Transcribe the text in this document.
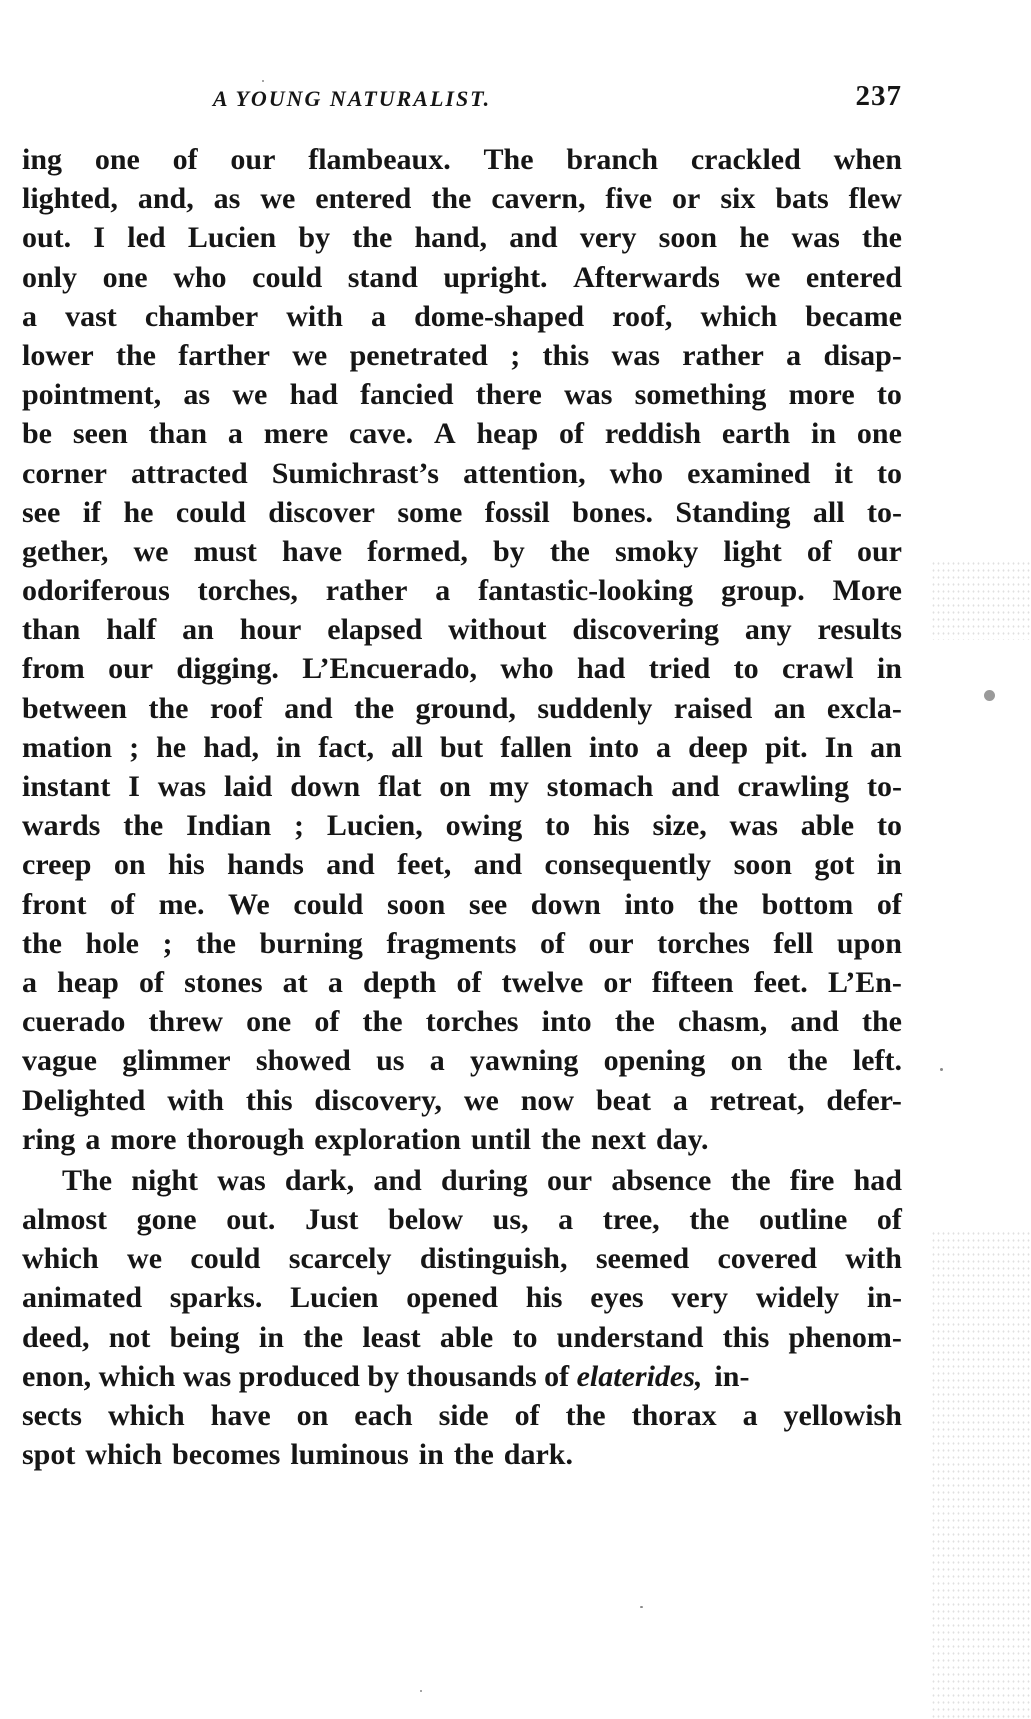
A YOUNG NATURALIST.	237
ing one of our flambeaux. The branch crackled when
lighted, and, as we entered the cavern, five or six bats flew
out. I led Lucien by the hand, and very soon he was the
only one who could stand upright. Afterwards we entered
a vast chamber with a dome-shaped roof, which became
lower the farther we penetrated ; this was rather a disap-
pointment, as we had fancied there was something more to
be seen than a mere cave. A heap of reddish earth in one
corner attracted Sumichrast’s attention, who examined it to
see if he could discover some fossil bones. Standing all to-
gether, we must have formed, by the smoky light of our
odoriferous torches, rather a fantastic-looking group. More
than half an hour elapsed without discovering any results
from our digging. L’Encuerado, who had tried to crawl in
between the roof and the ground, suddenly raised an excla-
mation ; he had, in fact, all but fallen into a deep pit. In an
instant I was laid down flat on my stomach and crawling to-
wards the Indian ; Lucien, owing to his size, was able to
creep on his hands and feet, and consequently soon got in
front of me. We could soon see down into the bottom of
the hole ; the burning fragments of our torches fell upon
a heap of stones at a depth of twelve or fifteen feet. L’En-
cuerado threw one of the torches into the chasm, and the
vague glimmer showed us a yawning opening on the left.
Delighted with this discovery, we now beat a retreat, defer-
ring a more thorough exploration until the next day.
The night was dark, and during our absence the fire had
almost gone out. Just below us, a tree, the outline of
which we could scarcely distinguish, seemed covered with
animated sparks. Lucien opened his eyes very widely in-
deed, not being in the least able to understand this phenom-
enon, which was produced by thousands of elaterides, in-
sects which have on each side of the thorax a yellowish
spot which becomes luminous in the dark.
